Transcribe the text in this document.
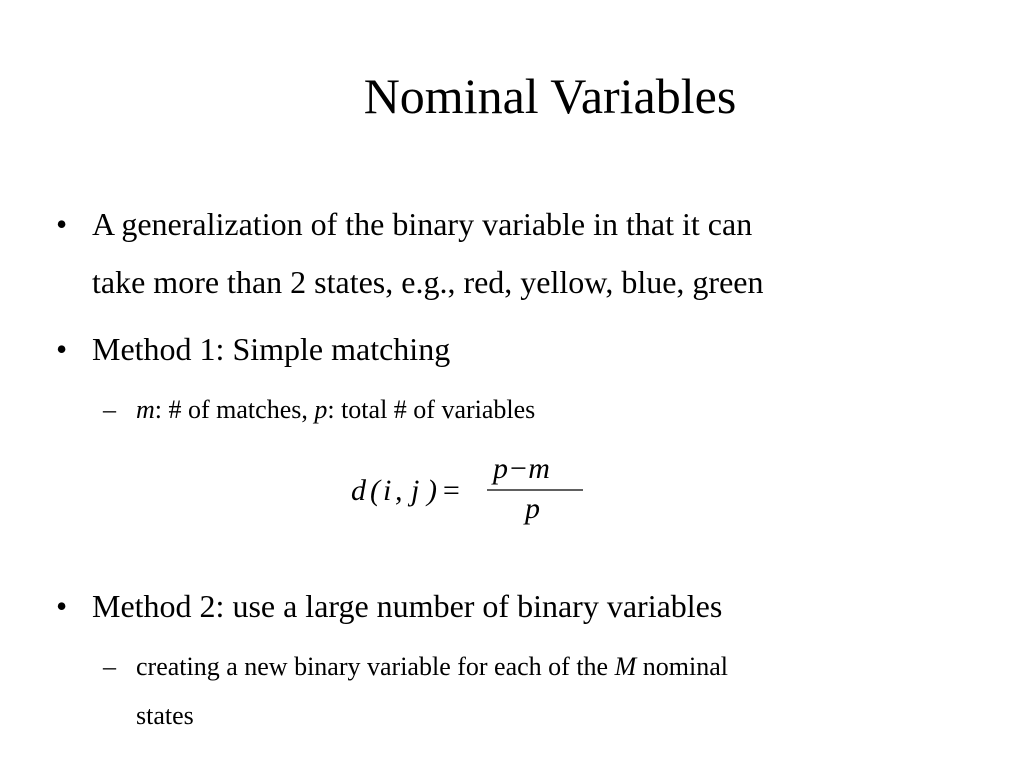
Nominal Variables
• A generalization of the binary variable in that it can
take more than 2 states, e.g., red, yellow, blue, green
• Method 1: Simple matching
– m: # of matches, p: total # of variables
d ( i , j ) =
p−m
p
• Method 2: use a large number of binary variables
– creating a new binary variable for each of the M nominal
states
